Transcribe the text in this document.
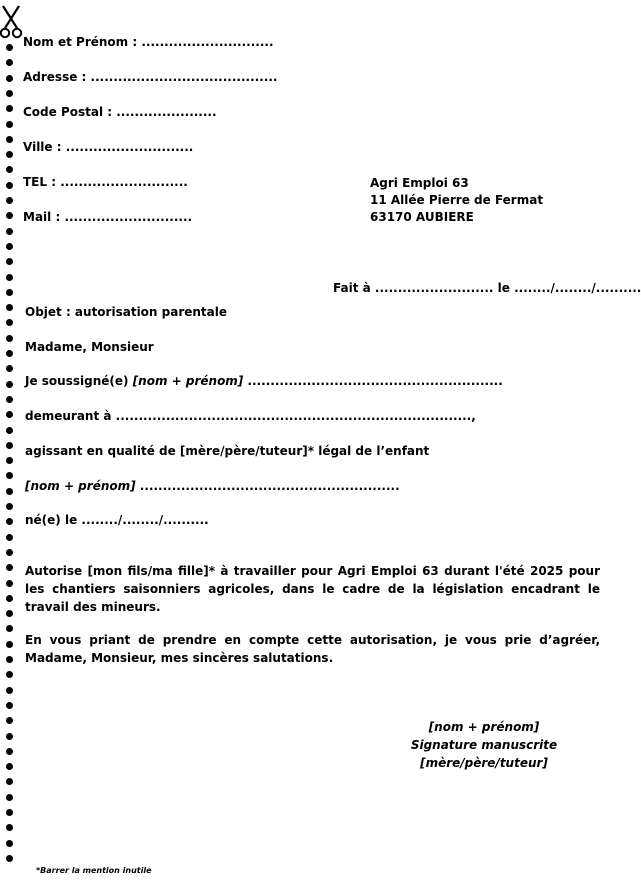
Nom et Prénom : .............................
Adresse : .........................................
Code Postal : ......................
Ville : ............................
TEL : ............................
Mail : ............................
Agri Emploi 63
11 Allée Pierre de Fermat
63170 AUBIERE
Fait à .......................... le ......../......../..........
Objet : autorisation parentale
Madame, Monsieur
Je soussigné(e) [nom + prénom] ........................................................
demeurant à ..............................................................................,
agissant en qualité de [mère/père/tuteur]* légal de l’enfant
[nom + prénom] .........................................................
né(e) le ......../......../..........
Autorise [mon fils/ma fille]* à travailler pour Agri Emploi 63 durant l'été 2025 pour les chantiers saisonniers agricoles, dans le cadre de la législation encadrant le travail des mineurs.
En vous priant de prendre en compte cette autorisation, je vous prie d’agréer, Madame, Monsieur, mes sincères salutations.
[nom + prénom]
Signature manuscrite
[mère/père/tuteur]
*Barrer la mention inutile
